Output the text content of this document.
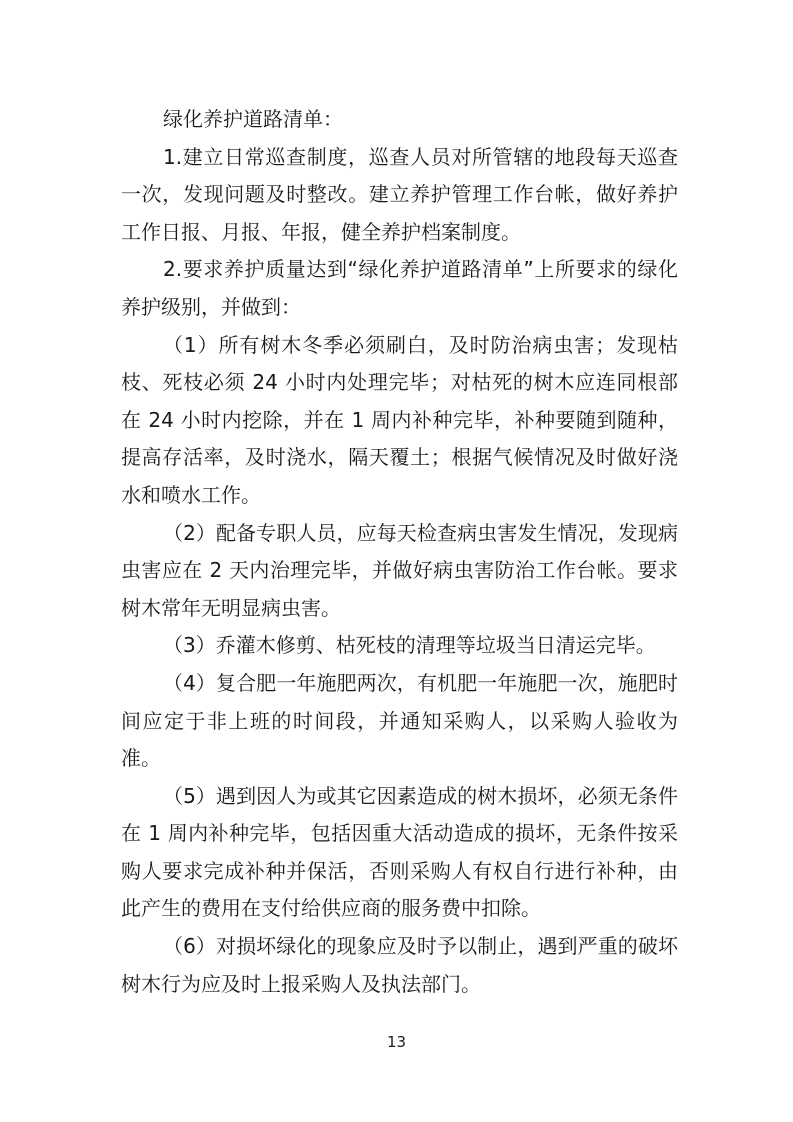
绿化养护道路清单：

1.建立日常巡查制度，巡查人员对所管辖的地段每天巡查一次，发现问题及时整改。建立养护管理工作台帐，做好养护工作日报、月报、年报，健全养护档案制度。

2.要求养护质量达到“绿化养护道路清单”上所要求的绿化养护级别，并做到：

（1）所有树木冬季必须刷白，及时防治病虫害；发现枯枝、死枝必须 24 小时内处理完毕；对枯死的树木应连同根部在 24 小时内挖除，并在 1 周内补种完毕，补种要随到随种，提高存活率，及时浇水，隔天覆土；根据气候情况及时做好浇水和喷水工作。

（2）配备专职人员，应每天检查病虫害发生情况，发现病虫害应在 2 天内治理完毕，并做好病虫害防治工作台帐。要求树木常年无明显病虫害。

（3）乔灌木修剪、枯死枝的清理等垃圾当日清运完毕。

（4）复合肥一年施肥两次，有机肥一年施肥一次，施肥时间应定于非上班的时间段，并通知采购人，以采购人验收为准。

（5）遇到因人为或其它因素造成的树木损坏，必须无条件在 1 周内补种完毕，包括因重大活动造成的损坏，无条件按采购人要求完成补种并保活，否则采购人有权自行进行补种，由此产生的费用在支付给供应商的服务费中扣除。

（6）对损坏绿化的现象应及时予以制止，遇到严重的破坏树木行为应及时上报采购人及执法部门。

13
